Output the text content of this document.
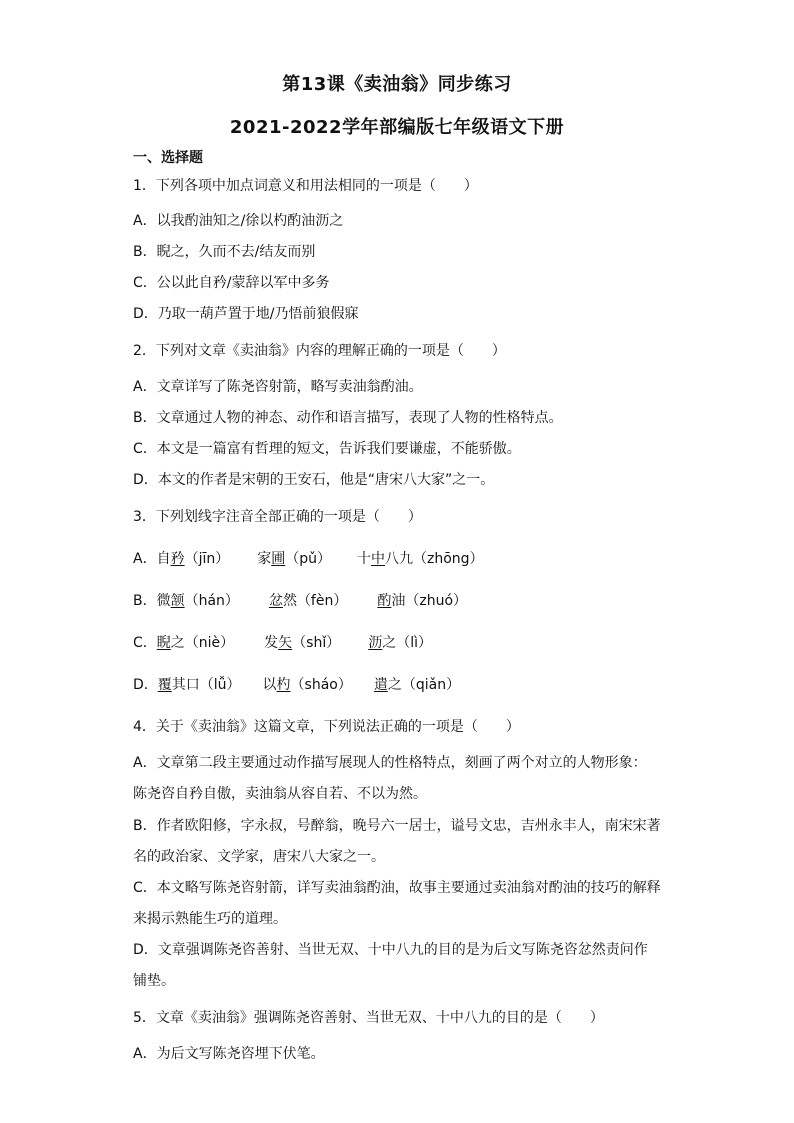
第13课《卖油翁》同步练习
2021-2022学年部编版七年级语文下册
一、选择题
1．下列各项中加点词意义和用法相同的一项是（　　）
A．以我酌油知之/徐以杓酌油沥之
B．睨之，久而不去/结友而别
C．公以此自矜/蒙辞以军中多务
D．乃取一葫芦置于地/乃悟前狼假寐
2．下列对文章《卖油翁》内容的理解正确的一项是（　　）
A．文章详写了陈尧咨射箭，略写卖油翁酌油。
B．文章通过人物的神态、动作和语言描写，表现了人物的性格特点。
C．本文是一篇富有哲理的短文，告诉我们要谦虚，不能骄傲。
D．本文的作者是宋朝的王安石，他是“唐宋八大家”之一。
3．下列划线字注音全部正确的一项是（　　）
A．自矜（jīn） 家圃（pǔ） 十中八九（zhōng）
B．微颔（hán） 忿然（fèn） 酌油（zhuó）
C．睨之（niè） 发矢（shǐ） 沥之（lì）
D．覆其口（lǚ） 以杓（sháo） 遣之（qiǎn）
4．关于《卖油翁》这篇文章，下列说法正确的一项是（　　）
A．文章第二段主要通过动作描写展现人的性格特点，刻画了两个对立的人物形象：
陈尧咨自矜自傲，卖油翁从容自若、不以为然。
B．作者欧阳修，字永叔，号醉翁，晚号六一居士，谥号文忠，吉州永丰人，南宋宋著
名的政治家、文学家，唐宋八大家之一。
C．本文略写陈尧咨射箭，详写卖油翁酌油，故事主要通过卖油翁对酌油的技巧的解释
来揭示熟能生巧的道理。
D．文章强调陈尧咨善射、当世无双、十中八九的目的是为后文写陈尧咨忿然责问作
铺垫。
5．文章《卖油翁》强调陈尧咨善射、当世无双、十中八九的目的是（　　）
A．为后文写陈尧咨埋下伏笔。
